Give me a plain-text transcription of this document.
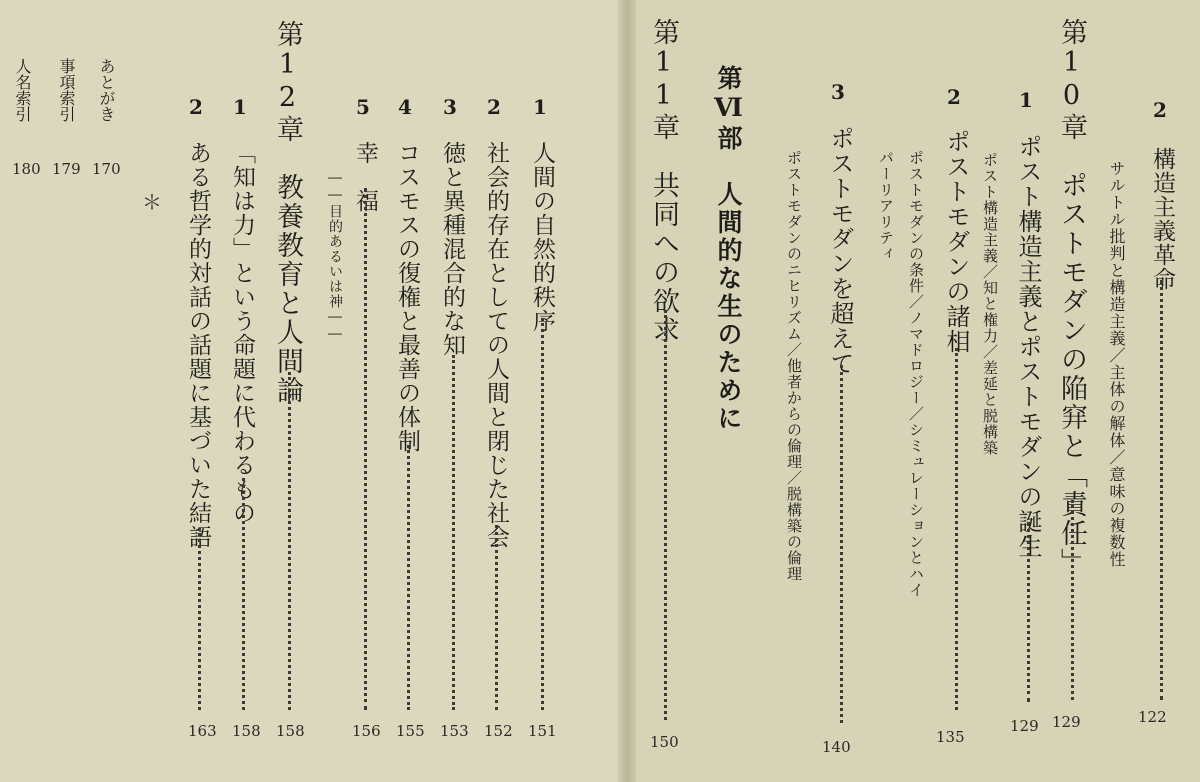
2
構造主義革命
122
サルトル批判と構造主義／主体の解体／意味の複数性
第10章　ポストモダンの陥穽と「責任」
129
1
ポスト構造主義とポストモダンの誕生
129
ポスト構造主義／知と権力／差延と脱構築
2
ポストモダンの諸相
135
ポストモダンの条件／ノマドロジー／シミュレーションとハイ
パーリアリティ
ポストモダンのニヒリズム／他者からの倫理／脱構築の倫理
3
ポストモダンを超えて
140
第Ⅵ部　人間的な生のために
第11章　共同への欲求
150
1
人間の自然的秩序
151
2
社会的存在としての人間と閉じた社会
152
3
徳と異種混合的な知
153
4
コスモスの復権と最善の体制
155
5
幸　福
――目的あるいは神――
156
第12章　教養教育と人間論
158
1
「知は力」という命題に代わるもの
158
2
ある哲学的対話の話題に基づいた結語
163
＊
あとがき
170
事項索引
179
人名索引
180
